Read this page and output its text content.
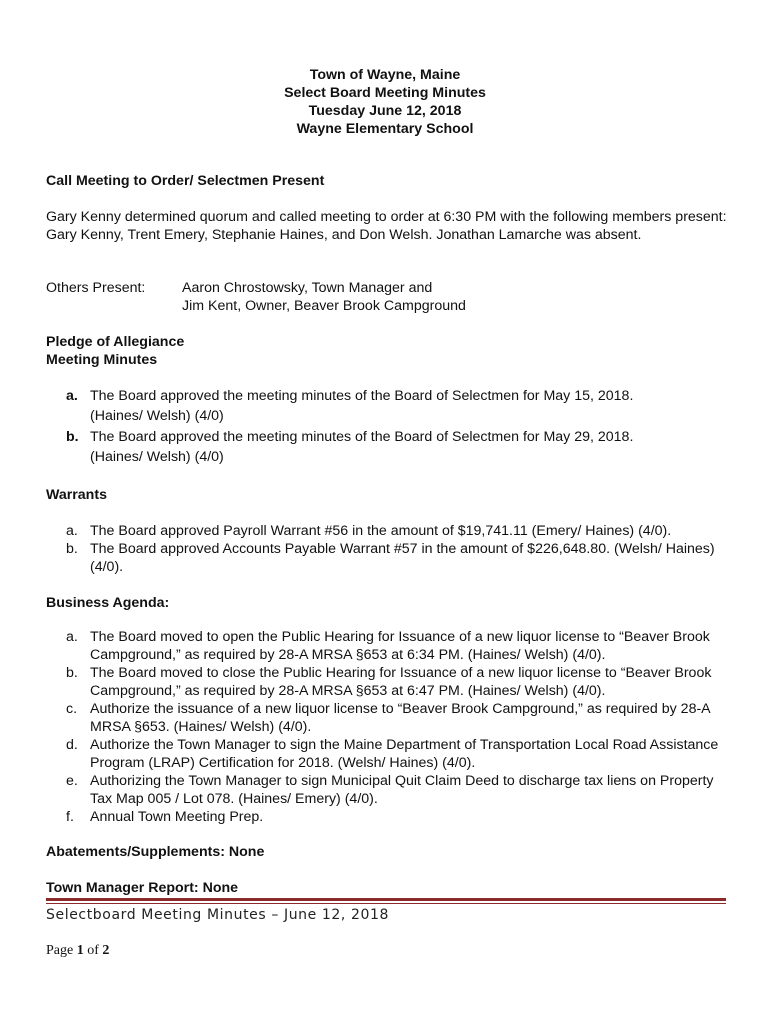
Town of Wayne, Maine
Select Board Meeting Minutes
Tuesday June 12, 2018
Wayne Elementary School
Call Meeting to Order/ Selectmen Present
Gary Kenny determined quorum and called meeting to order at 6:30 PM with the following members present: Gary Kenny, Trent Emery, Stephanie Haines, and Don Welsh. Jonathan Lamarche was absent.
Others Present:	Aaron Chrostowsky, Town Manager and
Jim Kent, Owner, Beaver Brook Campground
Pledge of Allegiance
Meeting Minutes
a. The Board approved the meeting minutes of the Board of Selectmen for May 15, 2018.
(Haines/ Welsh) (4/0)
b. The Board approved the meeting minutes of the Board of Selectmen for May 29, 2018.
(Haines/ Welsh) (4/0)
Warrants
a. The Board approved Payroll Warrant #56 in the amount of $19,741.11 (Emery/ Haines) (4/0).
b. The Board approved Accounts Payable Warrant #57 in the amount of $226,648.80. (Welsh/ Haines) (4/0).
Business Agenda:
a. The Board moved to open the Public Hearing for Issuance of a new liquor license to “Beaver Brook Campground,” as required by 28-A MRSA §653 at 6:34 PM. (Haines/ Welsh) (4/0).
b. The Board moved to close the Public Hearing for Issuance of a new liquor license to “Beaver Brook Campground,” as required by 28-A MRSA §653 at 6:47 PM. (Haines/ Welsh) (4/0).
c. Authorize the issuance of a new liquor license to “Beaver Brook Campground,” as required by 28-A MRSA §653. (Haines/ Welsh) (4/0).
d. Authorize the Town Manager to sign the Maine Department of Transportation Local Road Assistance Program (LRAP) Certification for 2018. (Welsh/ Haines) (4/0).
e. Authorizing the Town Manager to sign Municipal Quit Claim Deed to discharge tax liens on Property Tax Map 005 / Lot 078. (Haines/ Emery) (4/0).
f. Annual Town Meeting Prep.
Abatements/Supplements: None
Town Manager Report: None
Selectboard Meeting Minutes – June 12, 2018
Page 1 of 2
